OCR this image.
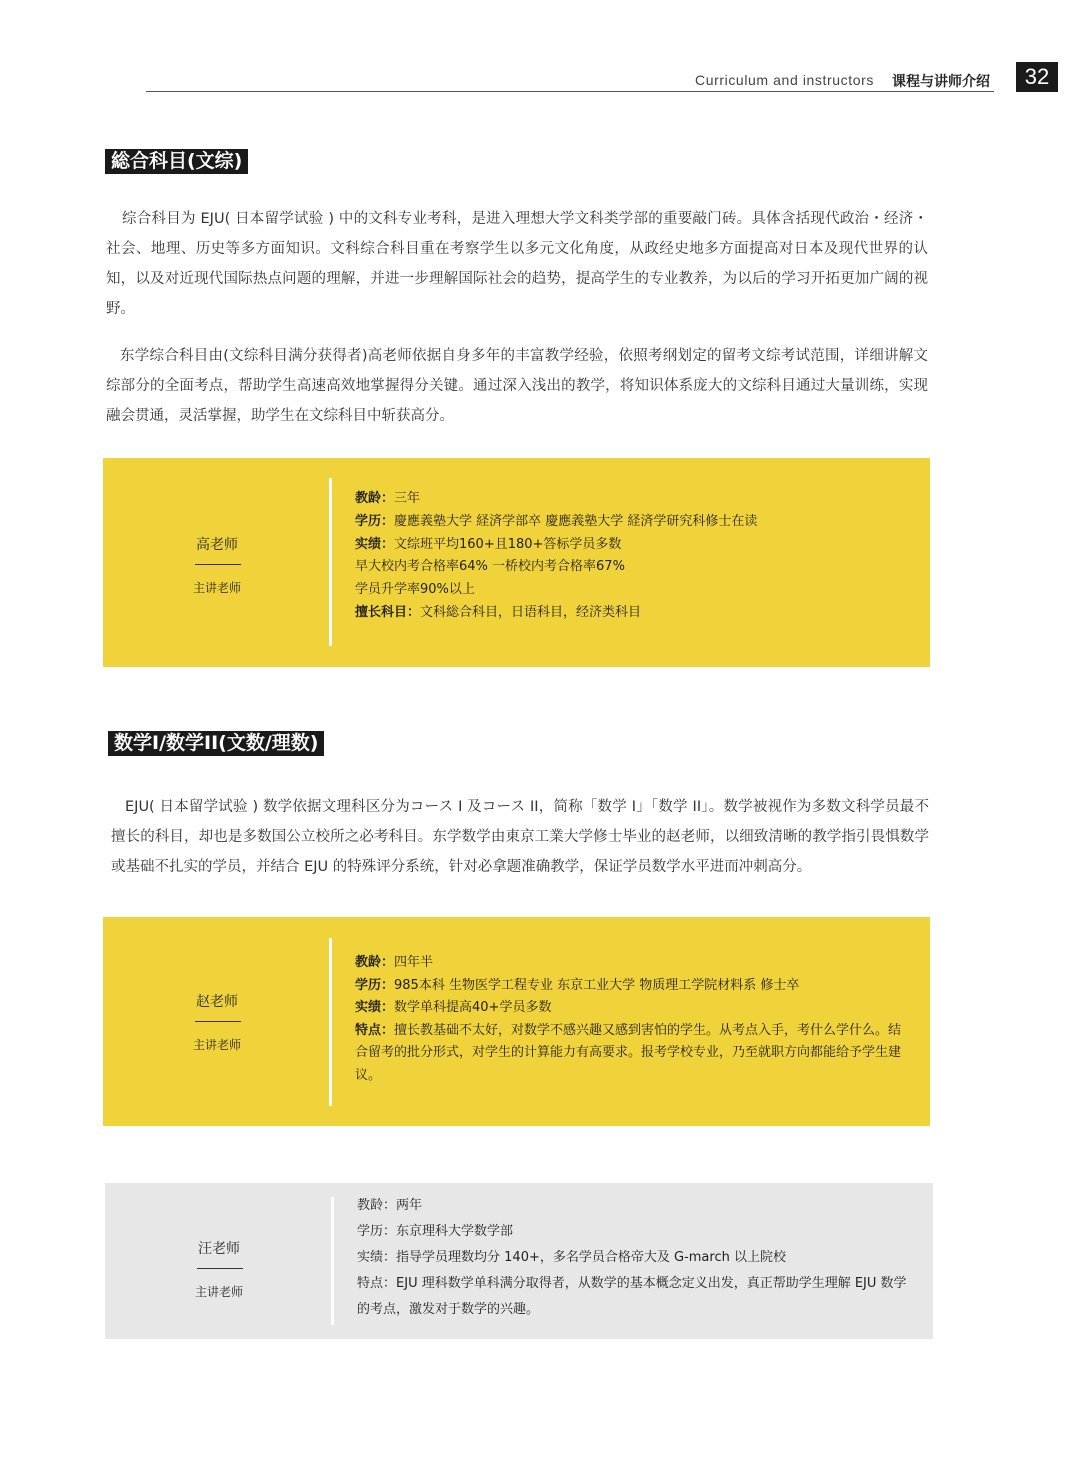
Curriculum and instructors 课程与讲师介绍	32
総合科目(文综)

综合科目为 EJU( 日本留学试验 ) 中的文科专业考科，是进入理想大学文科类学部的重要敲门砖。具体含括现代政治・经济・社会、地理、历史等多方面知识。文科综合科目重在考察学生以多元文化角度，从政经史地多方面提高对日本及现代世界的认知，以及对近现代国际热点问题的理解，并进一步理解国际社会的趋势，提高学生的专业教养，为以后的学习开拓更加广阔的视野。

东学综合科目由(文综科目满分获得者)高老师依据自身多年的丰富教学经验，依照考纲划定的留考文综考试范围，详细讲解文综部分的全面考点，帮助学生高速高效地掌握得分关键。通过深入浅出的教学，将知识体系庞大的文综科目通过大量训练，实现融会贯通，灵活掌握，助学生在文综科目中斩获高分。

高老师
主讲老师

教龄：三年

学历：慶應義塾大学 経済学部卒 慶應義塾大学 経済学研究科修士在读

实绩：文综班平均160+且180+答标学员多数

早大校内考合格率64% 一桥校内考合格率67%

学员升学率90%以上

擅长科目：文科総合科目，日语科目，经济类科目

数学I/数学II(文数/理数)

EJU( 日本留学试验 ) 数学依据文理科区分为コース I 及コース II，简称「数学 I」「数学 II」。数学被视作为多数文科学员最不擅长的科目，却也是多数国公立校所之必考科目。东学数学由東京工業大学修士毕业的赵老师，以细致清晰的教学指引畏惧数学或基础不扎实的学员，并结合 EJU 的特殊评分系统，针对必拿题准确教学，保证学员数学水平进而冲刺高分。

赵老师
主讲老师

教龄：四年半

学历：985本科 生物医学工程专业 东京工业大学 物质理工学院材料系 修士卒

实绩：数学单科提高40+学员多数

特点：擅长教基础不太好，对数学不感兴趣又感到害怕的学生。从考点入手，考什么学什么。结合留考的批分形式，对学生的计算能力有高要求。报考学校专业，乃至就职方向都能给予学生建议。

汪老师
主讲老师

教龄：两年

学历：东京理科大学数学部

实绩：指导学员理数均分 140+，多名学员合格帝大及 G-march 以上院校

特点：EJU 理科数学单科满分取得者，从数学的基本概念定义出发，真正帮助学生理解 EJU 数学的考点，激发对于数学的兴趣。
